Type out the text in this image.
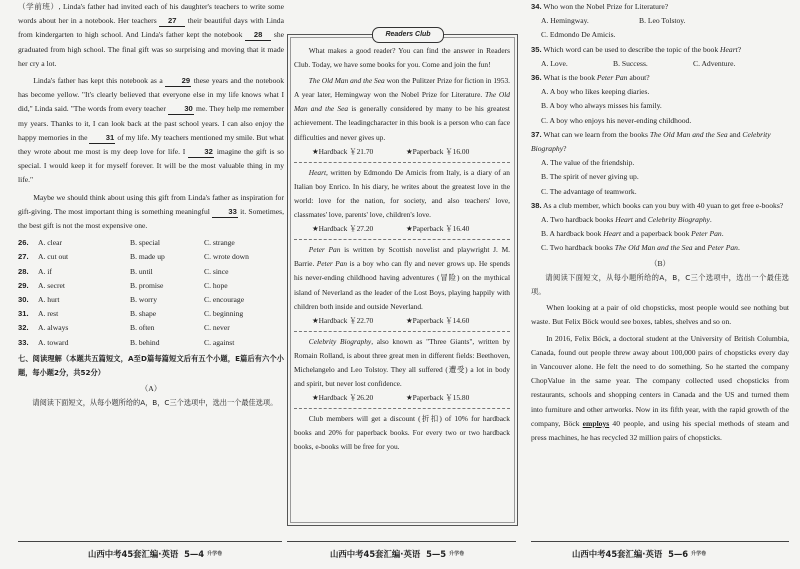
（学前班）, Linda's father had invited each of his daughter's teachers to write some words about her in a notebook. Her teachers 27 their beautiful days with Linda from kindergarten to high school. And Linda's father kept the notebook 28 she graduated from high school. The final gift was so surprising and moving that it made her cry a lot.

Linda's father has kept this notebook as a 29 these years and the notebook has become yellow. "It's clearly believed that everyone else in my life knows what I did," Linda said. "The words from every teacher 30 me. They help me remember my years. Thanks to it, I can look back at the past school years. I can also enjoy the happy memories in the 31 of my life. My teachers mentioned my smile. But what they wrote about me most is my deep love for life. I	32 imagine the gift is so special. I would keep it for myself forever. It will be the most valuable thing in my life."

Maybe we should think about using this gift from Linda's father as inspiration for gift-giving. The most important thing is something meaningful 33 it. Sometimes, the best gift is not the most expensive one.

26.	A. clear	B. special	C. strange
27.	A. cut out	B. made up	C. wrote down
28.	A. if	B. until	C. since
29.	A. secret	B. promise	C. hope
30.	A. hurt	B. worry	C. encourage
31.	A. rest	B. shape	C. beginning
32.	A. always	B. often	C. never
33.	A. toward	B. behind	C. against

七、阅读理解（本题共五篇短文，A至D篇每篇短文后有五个小题，E篇后有六个小题，每小题2分，共52分）

（A）

请阅读下面短文，从每小题所给的A，B，C三个选项中，选出一个最佳选项。

Readers Club

What makes a good reader? You can find the answer in Readers Club. Today, we have some books for you. Come and join the fun!

The Old Man and the Sea won the Pulitzer Prize for fiction in 1953. A year later, Hemingway won the Nobel Prize for Literature. The Old Man and the Sea is generally considered by many to be his greatest achievement. The leadingcharacter in this book is a person who can face difficulties and never gives up.

★Hardback ￥21.70	★Paperback ￥16.00

Heart, written by Edmondo De Amicis from Italy, is a diary of an Italian boy Enrico. In his diary, he writes about the greatest love in the world: love for the nation, for society, and also teachers' love, classmates' love, parents' love, children's love.

★Hardback ￥27.20	★Paperback ￥16.40

Peter Pan is written by Scottish novelist and playwright J. M. Barrie. Peter Pan is a boy who can fly and never grows up. He spends his never-ending childhood having adventures (冒险) on the mythical island of Neverland as the leader of the Lost Boys, playing happily with children both inside and outside Neverland.

★Hardback ￥22.70	★Paperback ￥14.60

Celebrity Biography, also known as "Three Giants", written by Romain Rolland, is about three great men in different fields: Beethoven, Michelangelo and Leo Tolstoy. They all suffered (遭受) a lot in body and spirit, but never lost confidence.

★Hardback ￥26.20	★Paperback ￥15.80

Club members will get a discount (折扣) of 10% for hardback books and 20% for paperback books. For every two or two hardback books, e-books will be free for you.

34. Who won the Nobel Prize for Literature?

A. Hemingway.	B. Leo Tolstoy.

C. Edmondo De Amicis.

35. Which word can be used to describe the topic of the book Heart?

A. Love.	B. Success.	C. Adventure.

36. What is the book Peter Pan about?

A. A boy who likes keeping diaries.

B. A boy who always misses his family.

C. A boy who enjoys his never-ending childhood.

37. What can we learn from the books The Old Man and the Sea and Celebrity Biography?

A. The value of the friendship.

B. The spirit of never giving up.

C. The advantage of teamwork.

38. As a club member, which books can you buy with 40 yuan to get free e-books?

A. Two hardback books Heart and Celebrity Biography.

B. A hardback book Heart and a paperback book Peter Pan.

C. Two hardback books The Old Man and the Sea and Peter Pan.

（B）

请阅读下面短文，从每小题所给的A，B，C三个选项中，选出一个最佳选项。

When looking at a pair of old chopsticks, most people would see nothing but waste. But Felix Böck would see boxes, tables, shelves and so on.

In 2016, Felix Böck, a doctoral student at the University of British Columbia, Canada, found out people threw away about 100,000 pairs of chopsticks every day in Vancouver alone. He felt the need to do something. So he started the company ChopValue in the same year. The company collected used chopsticks from restaurants, schools and shopping centers in Canada and the US and turned them into furniture and other artworks. Now in its fifth year, with the rapid growth of the company, Böck employs 40 people, and using his special methods of steam and press machines, he has recycled 32 million pairs of chopsticks.

山西中考45套汇编·英语 5—4 升学卷	山西中考45套汇编·英语 5—5 升学卷	山西中考45套汇编·英语 5—6 升学卷
